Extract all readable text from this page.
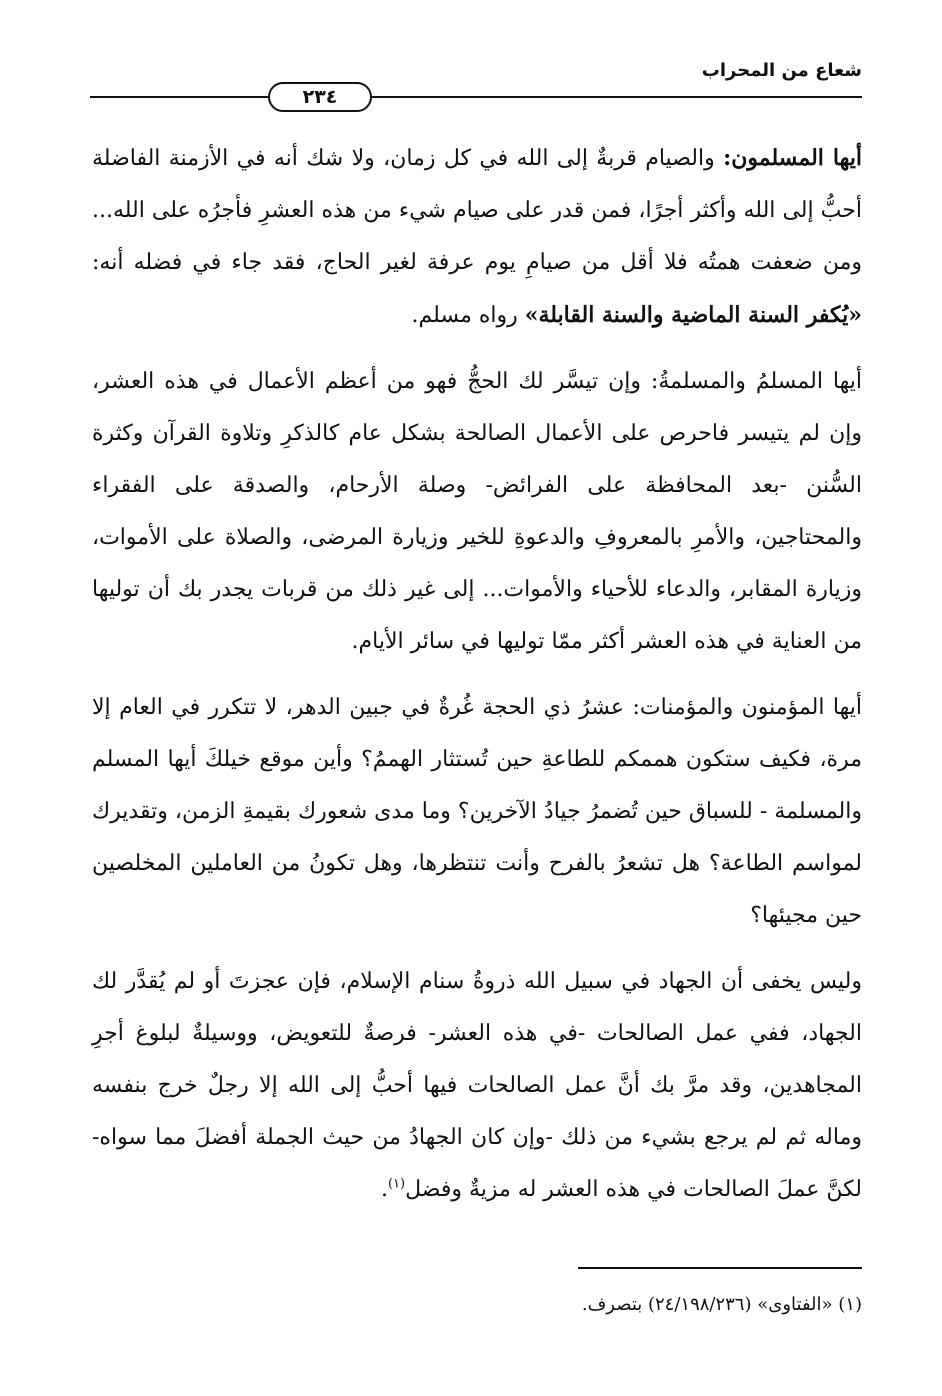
شعاع من المحراب
٢٣٤

أيها المسلمون: والصيام قربةٌ إلى الله في كل زمان، ولا شك أنه في الأزمنة الفاضلة أحبُّ إلى الله وأكثر أجرًا، فمن قدر على صيام شيء من هذه العشرِ فأجرُه على الله... ومن ضعفت همتُه فلا أقل من صيامِ يوم عرفة لغير الحاج، فقد جاء في فضله أنه: «يُكفر السنة الماضية والسنة القابلة» رواه مسلم.

أيها المسلمُ والمسلمةُ: وإن تيسَّر لك الحجُّ فهو من أعظم الأعمال في هذه العشر، وإن لم يتيسر فاحرص على الأعمال الصالحة بشكل عام كالذكرِ وتلاوة القرآن وكثرة السُّنن -بعد المحافظة على الفرائض- وصلة الأرحام، والصدقة على الفقراء والمحتاجين، والأمرِ بالمعروفِ والدعوةِ للخير وزيارة المرضى، والصلاة على الأموات، وزيارة المقابر، والدعاء للأحياء والأموات... إلى غير ذلك من قربات يجدر بك أن توليها من العناية في هذه العشر أكثر ممّا توليها في سائر الأيام.

أيها المؤمنون والمؤمنات: عشرُ ذي الحجة غُرةٌ في جبين الدهر، لا تتكرر في العام إلا مرة، فكيف ستكون هممكم للطاعةِ حين تُستثار الهممُ؟ وأين موقع خيلكَ أيها المسلم والمسلمة - للسباق حين تُضمرُ جيادُ الآخرين؟ وما مدى شعورك بقيمةِ الزمن، وتقديرك لمواسم الطاعة؟ هل تشعرُ بالفرح وأنت تنتظرها، وهل تكونُ من العاملين المخلصين حين مجيئها؟

وليس يخفى أن الجهاد في سبيل الله ذروةُ سنام الإسلام، فإن عجزتَ أو لم يُقدَّر لك الجهاد، ففي عمل الصالحات -في هذه العشر- فرصةٌ للتعويض، ووسيلةٌ لبلوغ أجرِ المجاهدين، وقد مرَّ بك أنَّ عمل الصالحات فيها أحبُّ إلى الله إلا رجلٌ خرج بنفسه وماله ثم لم يرجع بشيء من ذلك -وإن كان الجهادُ من حيث الجملة أفضلَ مما سواه- لكنَّ عملَ الصالحات في هذه العشر له مزيةٌ وفضل$^{(١)}$.

(١) «الفتاوى» (٢٤/١٩٨/٢٣٦) بتصرف.
